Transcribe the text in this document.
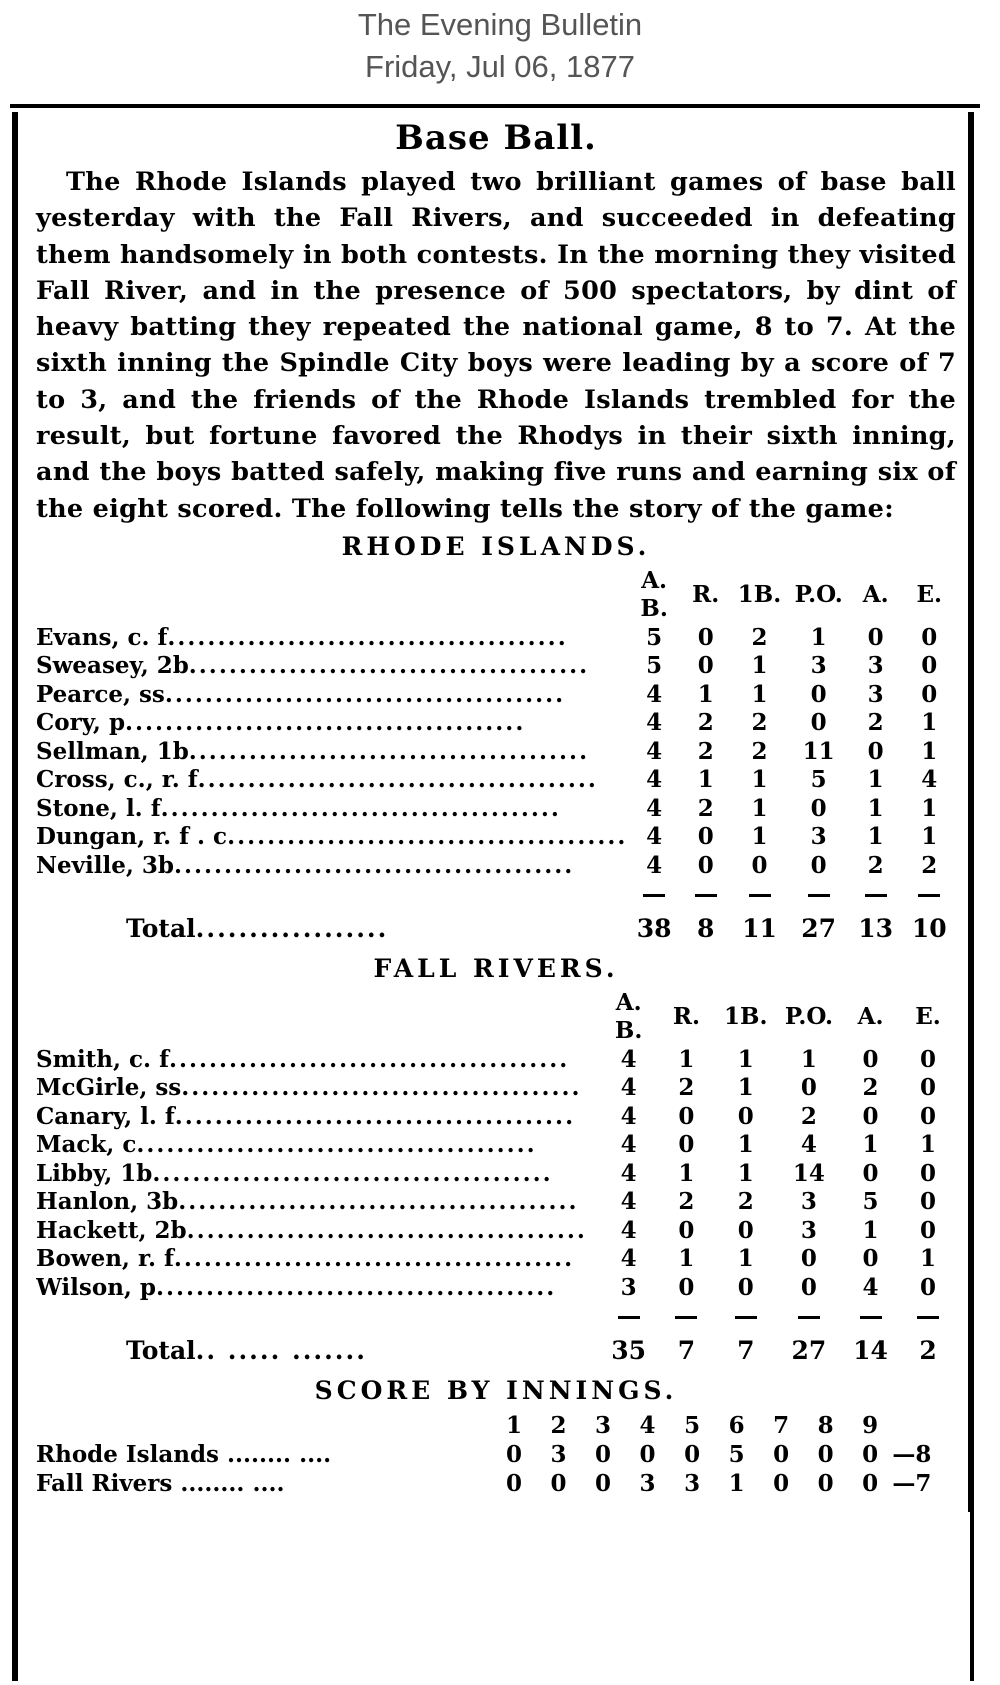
The Evening Bulletin
Friday, Jul 06, 1877
Base Ball.

The Rhode Islands played two brilliant games of base ball yesterday with the Fall Rivers, and succeeded in defeating them handsomely in both contests. In the morning they visited Fall River, and in the presence of 500 spectators, by dint of heavy batting they repeated the national game, 8 to 7. At the sixth inning the Spindle City boys were leading by a score of 7 to 3, and the friends of the Rhode Islands trembled for the result, but fortune favored the Rhodys in their sixth inning, and the boys batted safely, making five runs and earning six of the eight scored. The following tells the story of the game:

RHODE ISLANDS.
	A. B.	R.	1B.	P.O.	A.	E.
Evans, c. f........................................	5	0	2	1	0	0
Sweasey, 2b........................................	5	0	1	3	3	0
Pearce, ss........................................	4	1	1	0	3	0
Cory, p........................................	4	2	2	0	2	1
Sellman, 1b........................................	4	2	2	11	0	1
Cross, c., r. f........................................	4	1	1	5	1	4
Stone, l. f........................................	4	2	1	0	1	1
Dungan, r. f . c........................................	4	0	1	3	1	1
Neville, 3b........................................	4	0	0	0	2	2

Total..................	38	8	11	27	13	10
FALL RIVERS.
	A. B.	R.	1B.	P.O.	A.	E.
Smith, c. f........................................	4	1	1	1	0	0
McGirle, ss........................................	4	2	1	0	2	0
Canary, l. f........................................	4	0	0	2	0	0
Mack, c........................................	4	0	1	4	1	1
Libby, 1b........................................	4	1	1	14	0	0
Hanlon, 3b........................................	4	2	2	3	5	0
Hackett, 2b........................................	4	0	0	3	1	0
Bowen, r. f........................................	4	1	1	0	0	1
Wilson, p........................................	3	0	0	0	4	0

Total.. ..... .......	35	7	7	27	14	2
SCORE BY INNINGS.
	1	2	3	4	5	6	7	8	9	
Rhode Islands ........ ....	0	3	0	0	0	5	0	0	0	—8
Fall Rivers ........ ....	0	0	0	3	3	1	0	0	0	—7
